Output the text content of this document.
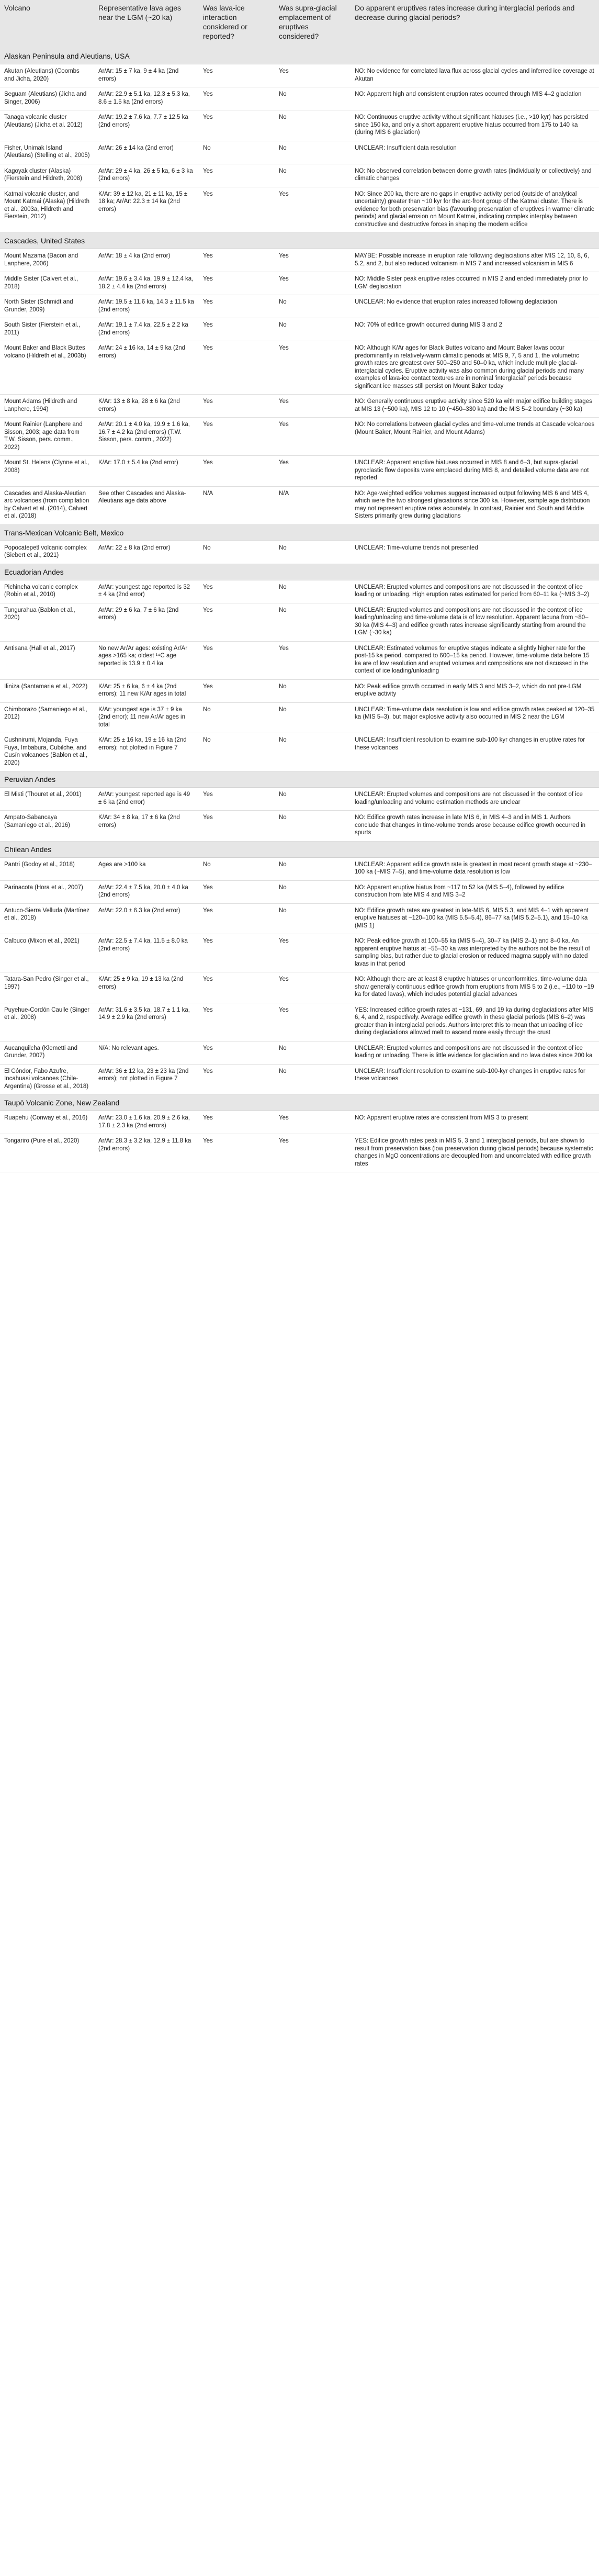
Volcano	Representative lava ages near the LGM (~20 ka)	Was lava-ice interaction considered or reported?	Was supra-glacial emplacement of eruptives considered?	Do apparent eruptives rates increase during interglacial periods and decrease during glacial periods?
Alaskan Peninsula and Aleutians, USA				
Akutan (Aleutians) (Coombs and Jicha, 2020)	Ar/Ar: 15 ± 7 ka, 9 ± 4 ka (2nd errors)	Yes	Yes	NO: No evidence for correlated lava flux across glacial cycles and inferred ice coverage at Akutan
Seguam (Aleutians) (Jicha and Singer, 2006)	Ar/Ar: 22.9 ± 5.1 ka, 12.3 ± 5.3 ka, 8.6 ± 1.5 ka (2nd errors)	Yes	No	NO: Apparent high and consistent eruption rates occurred through MIS 4–2 glaciation
Tanaga volcanic cluster (Aleutians) (Jicha et al. 2012)	Ar/Ar: 19.2 ± 7.6 ka, 7.7 ± 12.5 ka (2nd errors)	Yes	No	NO: Continuous eruptive activity without significant hiatuses (i.e., >10 kyr) has persisted since 150 ka, and only a short apparent eruptive hiatus occurred from 175 to 140 ka (during MIS 6 glaciation)
Fisher, Unimak Island (Aleutians) (Stelling et al., 2005)	Ar/Ar: 26 ± 14 ka (2nd error)	No	No	UNCLEAR: Insufficient data resolution
Kagoyak cluster (Alaska) (Fierstein and Hildreth, 2008)	Ar/Ar: 29 ± 4 ka, 26 ± 5 ka, 6 ± 3 ka (2nd errors)	Yes	No	NO: No observed correlation between dome growth rates (individually or collectively) and climatic changes
Katmai volcanic cluster, and Mount Katmai (Alaska) (Hildreth et al., 2003a, Hildreth and Fierstein, 2012)	K/Ar: 39 ± 12 ka, 21 ± 11 ka, 15 ± 18 ka; Ar/Ar: 22.3 ± 14 ka (2nd errors)	Yes	Yes	NO: Since 200 ka, there are no gaps in eruptive activity period (outside of analytical uncertainty) greater than ~10 kyr for the arc-front group of the Katmai cluster. There is evidence for both preservation bias (favouring preservation of eruptives in warmer climatic periods) and glacial erosion on Mount Katmai, indicating complex interplay between constructive and destructive forces in shaping the modern edifice
Cascades, United States				
Mount Mazama (Bacon and Lanphere, 2006)	Ar/Ar: 18 ± 4 ka (2nd error)	Yes	Yes	MAYBE: Possible increase in eruption rate following deglaciations after MIS 12, 10, 8, 6, 5.2, and 2, but also reduced volcanism in MIS 7 and increased volcanism in MIS 6
Middle Sister (Calvert et al., 2018)	Ar/Ar: 19.6 ± 3.4 ka, 19.9 ± 12.4 ka, 18.2 ± 4.4 ka (2nd errors)	Yes	Yes	NO: Middle Sister peak eruptive rates occurred in MIS 2 and ended immediately prior to LGM deglaciation
North Sister (Schmidt and Grunder, 2009)	Ar/Ar: 19.5 ± 11.6 ka, 14.3 ± 11.5 ka (2nd errors)	Yes	No	UNCLEAR: No evidence that eruption rates increased following deglaciation
South Sister (Fierstein et al., 2011)	Ar/Ar: 19.1 ± 7.4 ka, 22.5 ± 2.2 ka (2nd errors)	Yes	No	NO: 70% of edifice growth occurred during MIS 3 and 2
Mount Baker and Black Buttes volcano (Hildreth et al., 2003b)	Ar/Ar: 24 ± 16 ka, 14 ± 9 ka (2nd errors)	Yes	Yes	NO: Although K/Ar ages for Black Buttes volcano and Mount Baker lavas occur predominantly in relatively-warm climatic periods at MIS 9, 7, 5 and 1, the volumetric growth rates are greatest over 500–250 and 50–0 ka, which include multiple glacial-interglacial cycles. Eruptive activity was also common during glacial periods and many examples of lava-ice contact textures are in nominal 'interglacial' periods because significant ice masses still persist on Mount Baker today
Mount Adams (Hildreth and Lanphere, 1994)	K/Ar: 13 ± 8 ka, 28 ± 6 ka (2nd errors)	Yes	Yes	NO: Generally continuous eruptive activity since 520 ka with major edifice building stages at MIS 13 (~500 ka), MIS 12 to 10 (~450–330 ka) and the MIS 5–2 boundary (~30 ka)
Mount Rainier (Lanphere and Sisson, 2003; age data from T.W. Sisson, pers. comm., 2022)	Ar/Ar: 20.1 ± 4.0 ka, 19.9 ± 1.6 ka, 16.7 ± 4.2 ka (2nd errors) (T.W. Sisson, pers. comm., 2022)	Yes	Yes	NO: No correlations between glacial cycles and time-volume trends at Cascade volcanoes (Mount Baker, Mount Rainier, and Mount Adams)
Mount St. Helens (Clynne et al., 2008)	K/Ar: 17.0 ± 5.4 ka (2nd error)	Yes	Yes	UNCLEAR: Apparent eruptive hiatuses occurred in MIS 8 and 6–3, but supra-glacial pyroclastic flow deposits were emplaced during MIS 8, and detailed volume data are not reported
Cascades and Alaska-Aleutian arc volcanoes (from compilation by Calvert et al. (2014), Calvert et al. (2018)	See other Cascades and Alaska-Aleutians age data above	N/A	N/A	NO: Age-weighted edifice volumes suggest increased output following MIS 6 and MIS 4, which were the two strongest glaciations since 300 ka. However, sample age distribution may not represent eruptive rates accurately. In contrast, Rainier and South and Middle Sisters primarily grew during glaciations
Trans-Mexican Volcanic Belt, Mexico				
Popocatepetl volcanic complex (Siebert et al., 2021)	Ar/Ar: 22 ± 8 ka (2nd error)	No	No	UNCLEAR: Time-volume trends not presented
Ecuadorian Andes				
Pichincha volcanic complex (Robin et al., 2010)	Ar/Ar: youngest age reported is 32 ± 4 ka (2nd error)	Yes	No	UNCLEAR: Erupted volumes and compositions are not discussed in the context of ice loading or unloading. High eruption rates estimated for period from 60–11 ka (~MIS 3–2)
Tungurahua (Bablon et al., 2020)	Ar/Ar: 29 ± 6 ka, 7 ± 6 ka (2nd errors)	Yes	No	UNCLEAR: Erupted volumes and compositions are not discussed in the context of ice loading/unloading and time-volume data is of low resolution. Apparent lacuna from ~80–30 ka (MIS 4–3) and edifice growth rates increase significantly starting from around the LGM (~30 ka)
Antisana (Hall et al., 2017)	No new Ar/Ar ages: existing Ar/Ar ages >165 ka; oldest ¹⁴C age reported is 13.9 ± 0.4 ka	Yes	Yes	UNCLEAR: Estimated volumes for eruptive stages indicate a slightly higher rate for the post-15 ka period, compared to 600–15 ka period. However, time-volume data before 15 ka are of low resolution and erupted volumes and compositions are not discussed in the context of ice loading/unloading
Iliniza (Santamaria et al., 2022)	K/Ar: 25 ± 6 ka, 6 ± 4 ka (2nd errors); 11 new K/Ar ages in total	Yes	No	NO: Peak edifice growth occurred in early MIS 3 and MIS 3–2, which do not pre-LGM eruptive activity
Chimborazo (Samaniego et al., 2012)	K/Ar: youngest age is 37 ± 9 ka (2nd error); 11 new Ar/Ar ages in total	No	No	UNCLEAR: Time-volume data resolution is low and edifice growth rates peaked at 120–35 ka (MIS 5–3), but major explosive activity also occurred in MIS 2 near the LGM
Cushnirumi, Mojanda, Fuya Fuya, Imbabura, Cubilche, and Cusín volcanoes (Bablon et al., 2020)	K/Ar: 25 ± 16 ka, 19 ± 16 ka (2nd errors); not plotted in Figure 7	No	No	UNCLEAR: Insufficient resolution to examine sub-100 kyr changes in eruptive rates for these volcanoes
Peruvian Andes				
El Misti (Thouret et al., 2001)	Ar/Ar: youngest reported age is 49 ± 6 ka (2nd error)	Yes	No	UNCLEAR: Erupted volumes and compositions are not discussed in the context of ice loading/unloading and volume estimation methods are unclear
Ampato-Sabancaya (Samaniego et al., 2016)	K/Ar: 34 ± 8 ka, 17 ± 6 ka (2nd errors)	Yes	No	NO: Edifice growth rates increase in late MIS 6, in MIS 4–3 and in MIS 1. Authors conclude that changes in time-volume trends arose because edifice growth occurred in spurts
Chilean Andes				
Pantri (Godoy et al., 2018)	Ages are >100 ka	No	No	UNCLEAR: Apparent edifice growth rate is greatest in most recent growth stage at ~230–100 ka (~MIS 7–5), and time-volume data resolution is low
Parinacota (Hora et al., 2007)	Ar/Ar: 22.4 ± 7.5 ka, 20.0 ± 4.0 ka (2nd errors)	Yes	No	NO: Apparent eruptive hiatus from ~117 to 52 ka (MIS 5–4), followed by edifice construction from late MIS 4 and MIS 3–2
Antuco-Sierra Velluda (Martínez et al., 2018)	Ar/Ar: 22.0 ± 6.3 ka (2nd error)	Yes	No	NO: Edifice growth rates are greatest in late-MIS 6, MIS 5.3, and MIS 4–1 with apparent eruptive hiatuses at ~120–100 ka (MIS 5.5–5.4), 86–77 ka (MIS 5.2–5.1), and 15–10 ka (MIS 1)
Calbuco (Mixon et al., 2021)	Ar/Ar: 22.5 ± 7.4 ka, 11.5 ± 8.0 ka (2nd errors)	Yes	Yes	NO: Peak edifice growth at 100–55 ka (MIS 5–4), 30–7 ka (MIS 2–1) and 8–0 ka. An apparent eruptive hiatus at ~55–30 ka was interpreted by the authors not be the result of sampling bias, but rather due to glacial erosion or reduced magma supply with no dated lavas in that period
Tatara-San Pedro (Singer et al., 1997)	K/Ar: 25 ± 9 ka, 19 ± 13 ka (2nd errors)	Yes	Yes	NO: Although there are at least 8 eruptive hiatuses or unconformities, time-volume data show generally continuous edifice growth from eruptions from MIS 5 to 2 (i.e., ~110 to ~19 ka for dated lavas), which includes potential glacial advances
Puyehue-Cordón Caulle (Singer et al., 2008)	Ar/Ar: 31.6 ± 3.5 ka, 18.7 ± 1.1 ka, 14.9 ± 2.9 ka (2nd errors)	Yes	Yes	YES: Increased edifice growth rates at ~131, 69, and 19 ka during deglaciations after MIS 6, 4, and 2, respectively. Average edifice growth in these glacial periods (MIS 6–2) was greater than in interglacial periods. Authors interpret this to mean that unloading of ice during deglaciations allowed melt to ascend more easily through the crust
Aucanquilcha (Klemetti and Grunder, 2007)	N/A: No relevant ages.	Yes	No	UNCLEAR: Erupted volumes and compositions are not discussed in the context of ice loading or unloading. There is little evidence for glaciation and no lava dates since 200 ka
El Cóndor, Fabo Azufre, Incahuasi volcanoes (Chile-Argentina) (Grosse et al., 2018)	Ar/Ar: 36 ± 12 ka, 23 ± 23 ka (2nd errors); not plotted in Figure 7	Yes	No	UNCLEAR: Insufficient resolution to examine sub-100-kyr changes in eruptive rates for these volcanoes
Taupō Volcanic Zone, New Zealand				
Ruapehu (Conway et al., 2016)	Ar/Ar: 23.0 ± 1.6 ka, 20.9 ± 2.6 ka, 17.8 ± 2.3 ka (2nd errors)	Yes	Yes	NO: Apparent eruptive rates are consistent from MIS 3 to present
Tongariro (Pure et al., 2020)	Ar/Ar: 28.3 ± 3.2 ka, 12.9 ± 11.8 ka (2nd errors)	Yes	Yes	YES: Edifice growth rates peak in MIS 5, 3 and 1 interglacial periods, but are shown to result from preservation bias (low preservation during glacial periods) because systematic changes in MgO concentrations are decoupled from and uncorrelated with edifice growth rates
